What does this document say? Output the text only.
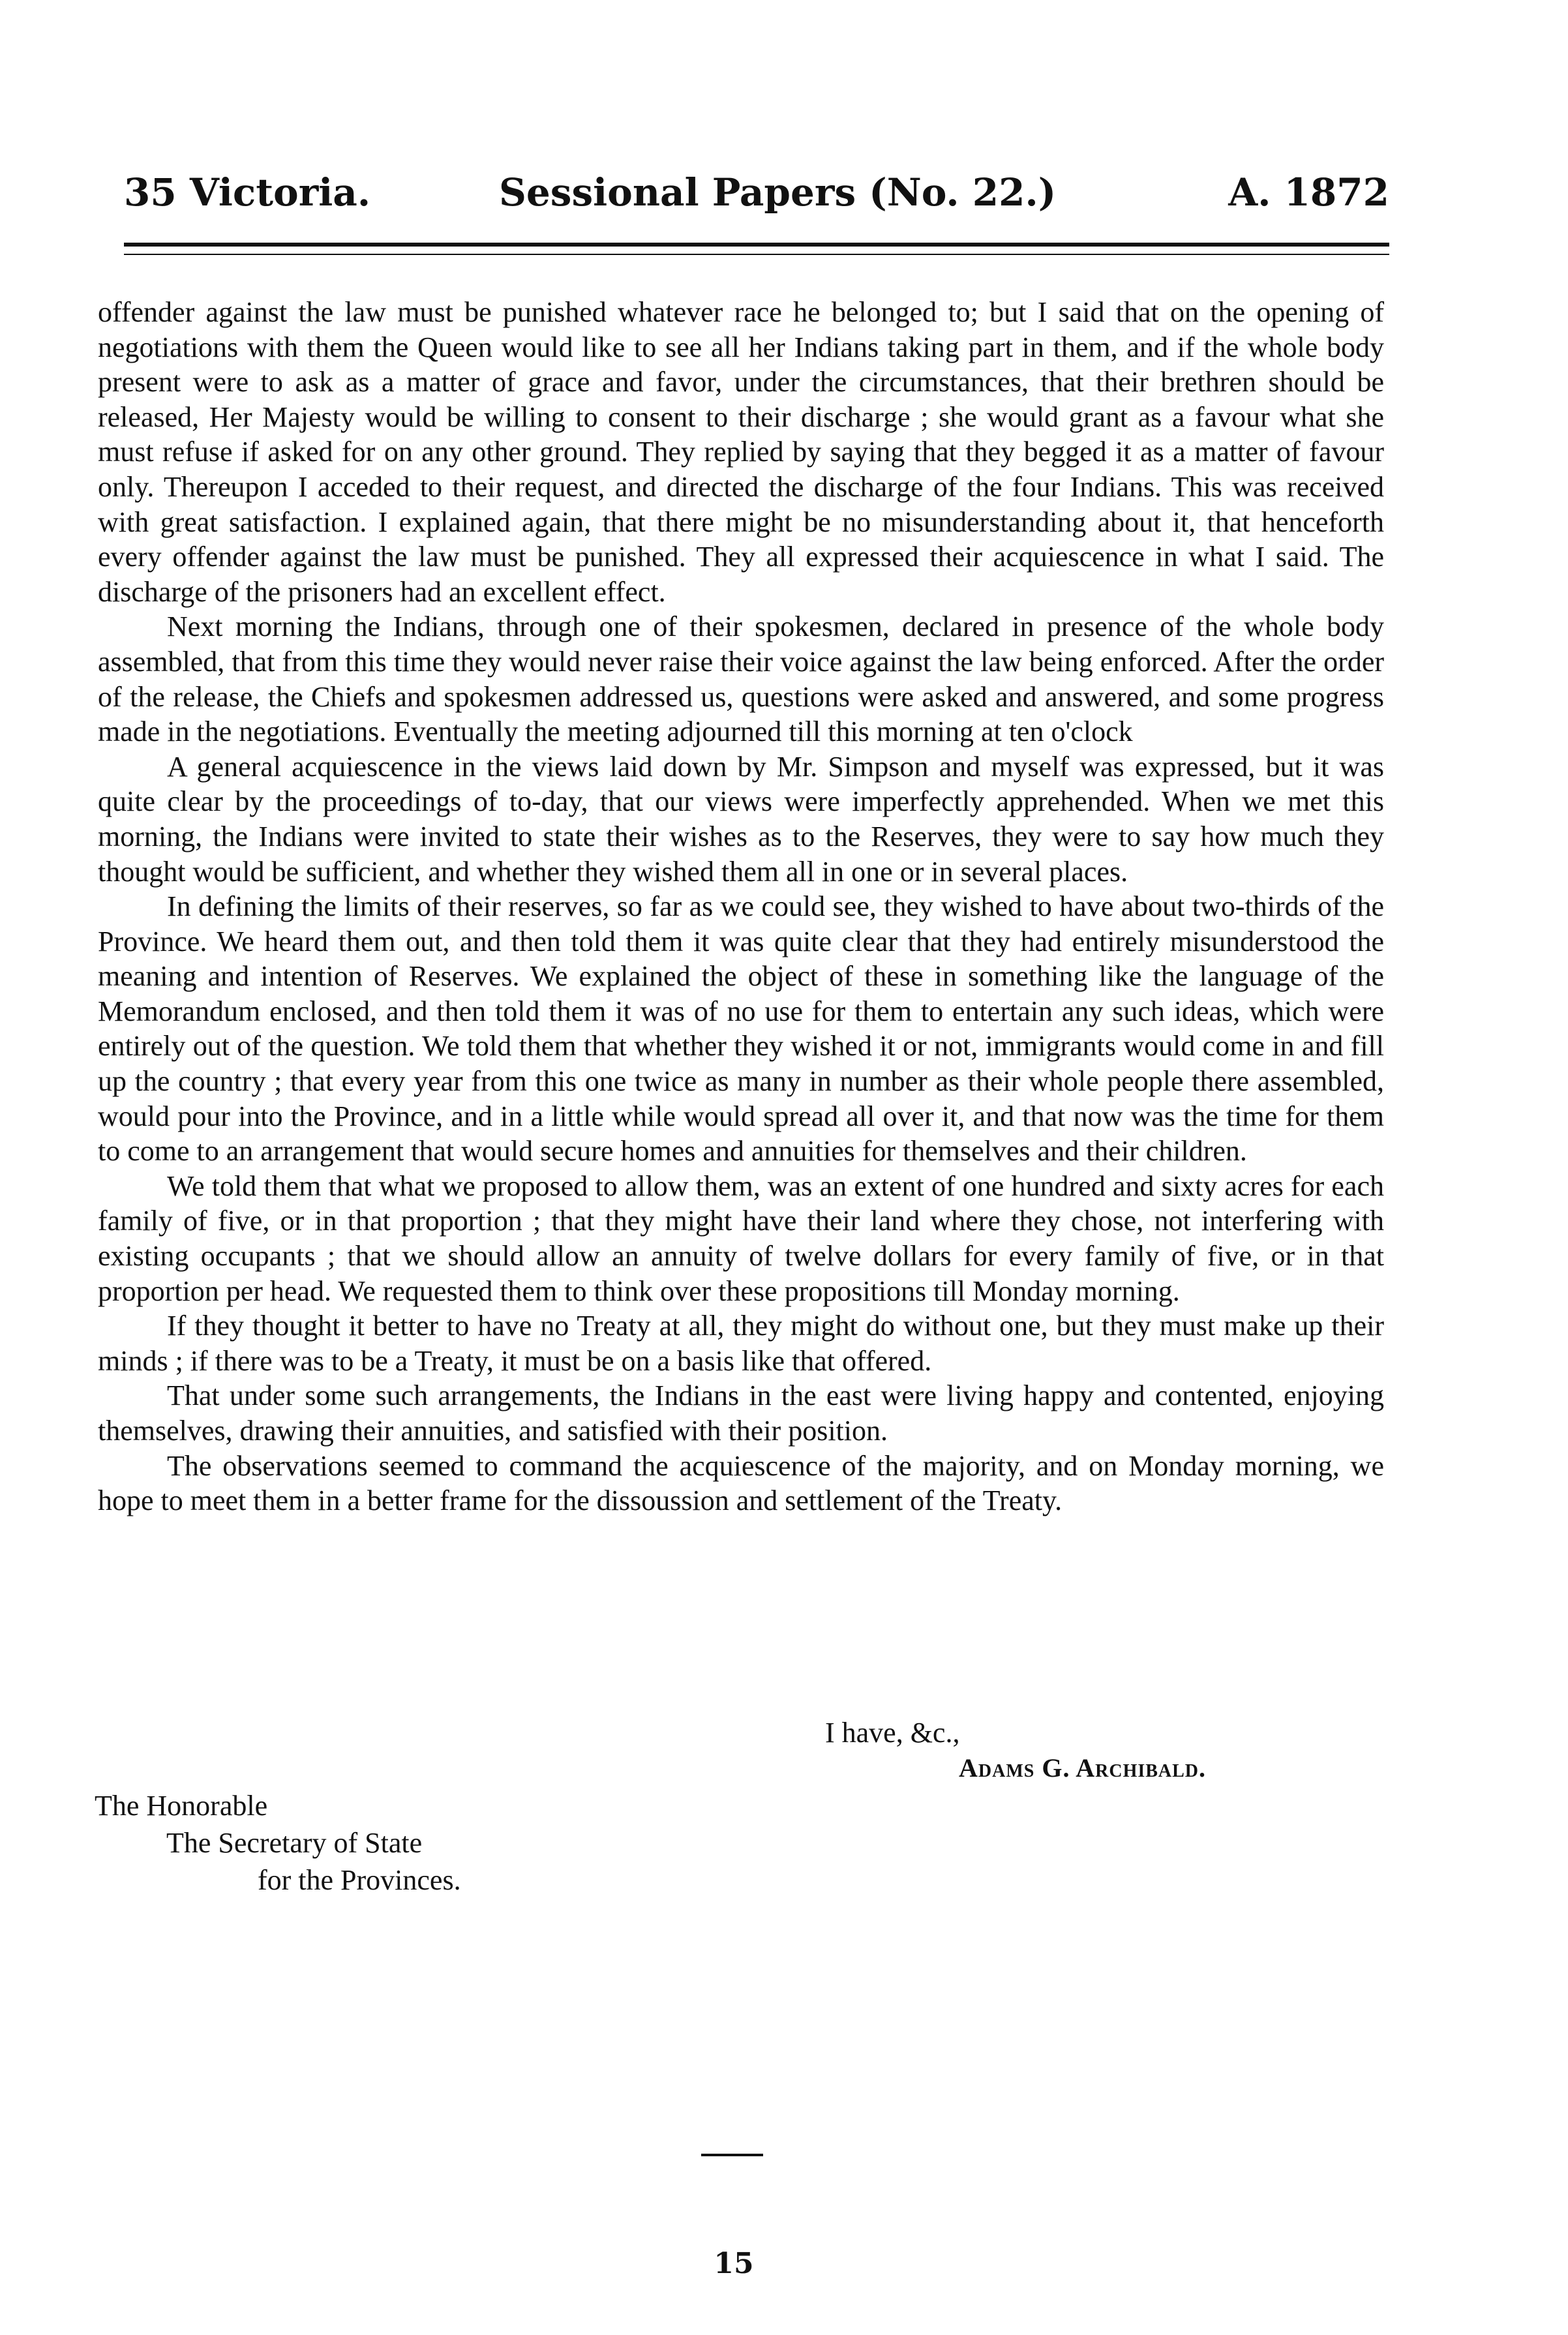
35 Victoria.	Sessional Papers (No. 22.)	A. 1872

offender against the law must be punished whatever race he belonged to; but I said that on the opening of negotiations with them the Queen would like to see all her Indians taking part in them, and if the whole body present were to ask as a matter of grace and favor, under the circumstances, that their brethren should be released, Her Majesty would be willing to consent to their discharge ; she would grant as a favour what she must refuse if asked for on any other ground. They replied by saying that they begged it as a matter of favour only. Thereupon I acceded to their request, and directed the discharge of the four Indians. This was received with great satisfaction. I explained again, that there might be no misunderstanding about it, that henceforth every offender against the law must be punished. They all expressed their acquiescence in what I said. The discharge of the prisoners had an excellent effect.

Next morning the Indians, through one of their spokesmen, declared in presence of the whole body assembled, that from this time they would never raise their voice against the law being enforced. After the order of the release, the Chiefs and spokesmen addressed us, questions were asked and answered, and some progress made in the negotiations. Eventually the meeting adjourned till this morning at ten o'clock

A general acquiescence in the views laid down by Mr. Simpson and myself was expressed, but it was quite clear by the proceedings of to-day, that our views were imperfectly apprehended. When we met this morning, the Indians were invited to state their wishes as to the Reserves, they were to say how much they thought would be sufficient, and whether they wished them all in one or in several places.

In defining the limits of their reserves, so far as we could see, they wished to have about two-thirds of the Province. We heard them out, and then told them it was quite clear that they had entirely misunderstood the meaning and intention of Reserves. We explained the object of these in something like the language of the Memorandum enclosed, and then told them it was of no use for them to entertain any such ideas, which were entirely out of the question. We told them that whether they wished it or not, immigrants would come in and fill up the country ; that every year from this one twice as many in number as their whole people there assembled, would pour into the Province, and in a little while would spread all over it, and that now was the time for them to come to an arrangement that would secure homes and annuities for themselves and their children.

We told them that what we proposed to allow them, was an extent of one hundred and sixty acres for each family of five, or in that proportion ; that they might have their land where they chose, not interfering with existing occupants ; that we should allow an annuity of twelve dollars for every family of five, or in that proportion per head. We requested them to think over these propositions till Monday morning.

If they thought it better to have no Treaty at all, they might do without one, but they must make up their minds ; if there was to be a Treaty, it must be on a basis like that offered.

That under some such arrangements, the Indians in the east were living happy and contented, enjoying themselves, drawing their annuities, and satisfied with their position.

The observations seemed to command the acquiescence of the majority, and on Monday morning, we hope to meet them in a better frame for the dissoussion and settlement of the Treaty.

I have, &c.,
Adams G. Archibald.
The Honorable
The Secretary of State
for the Provinces.
15
